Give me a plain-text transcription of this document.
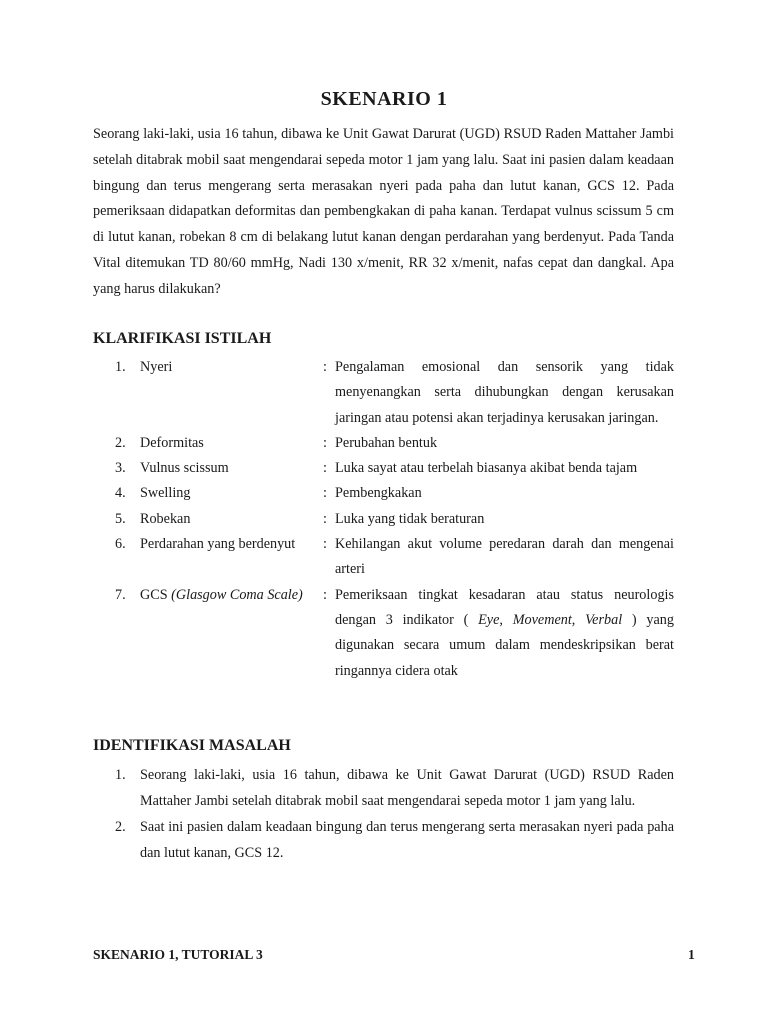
SKENARIO 1
Seorang laki-laki, usia 16 tahun, dibawa ke Unit Gawat Darurat (UGD) RSUD Raden Mattaher Jambi setelah ditabrak mobil saat mengendarai sepeda motor 1 jam yang lalu. Saat ini pasien dalam keadaan bingung dan terus mengerang serta merasakan nyeri pada paha dan lutut kanan, GCS 12. Pada pemeriksaan didapatkan deformitas dan pembengkakan di paha kanan. Terdapat vulnus scissum 5 cm di lutut kanan, robekan 8 cm di belakang lutut kanan dengan perdarahan yang berdenyut. Pada Tanda Vital ditemukan TD 80/60 mmHg, Nadi 130 x/menit, RR 32 x/menit, nafas cepat dan dangkal. Apa yang harus dilakukan?
KLARIFIKASI ISTILAH
1.	Nyeri	: Pengalaman emosional dan sensorik yang tidak menyenangkan serta dihubungkan dengan kerusakan jaringan atau potensi akan terjadinya kerusakan jaringan.
2.	Deformitas	: Perubahan bentuk
3.	Vulnus scissum	: Luka sayat atau terbelah biasanya akibat benda tajam
4.	Swelling	: Pembengkakan
5.	Robekan	: Luka yang tidak beraturan
6.	Perdarahan yang berdenyut	: Kehilangan akut volume peredaran darah dan mengenai arteri
7.	GCS (Glasgow Coma Scale)	: Pemeriksaan tingkat kesadaran atau status neurologis dengan 3 indikator ( Eye, Movement, Verbal ) yang digunakan secara umum dalam mendeskripsikan berat ringannya cidera otak
IDENTIFIKASI MASALAH
1.	Seorang laki-laki, usia 16 tahun, dibawa ke Unit Gawat Darurat (UGD) RSUD Raden Mattaher Jambi setelah ditabrak mobil saat mengendarai sepeda motor 1 jam yang lalu.
2.	Saat ini pasien dalam keadaan bingung dan terus mengerang serta merasakan nyeri pada paha dan lutut kanan, GCS 12.
SKENARIO 1, TUTORIAL 3	1
